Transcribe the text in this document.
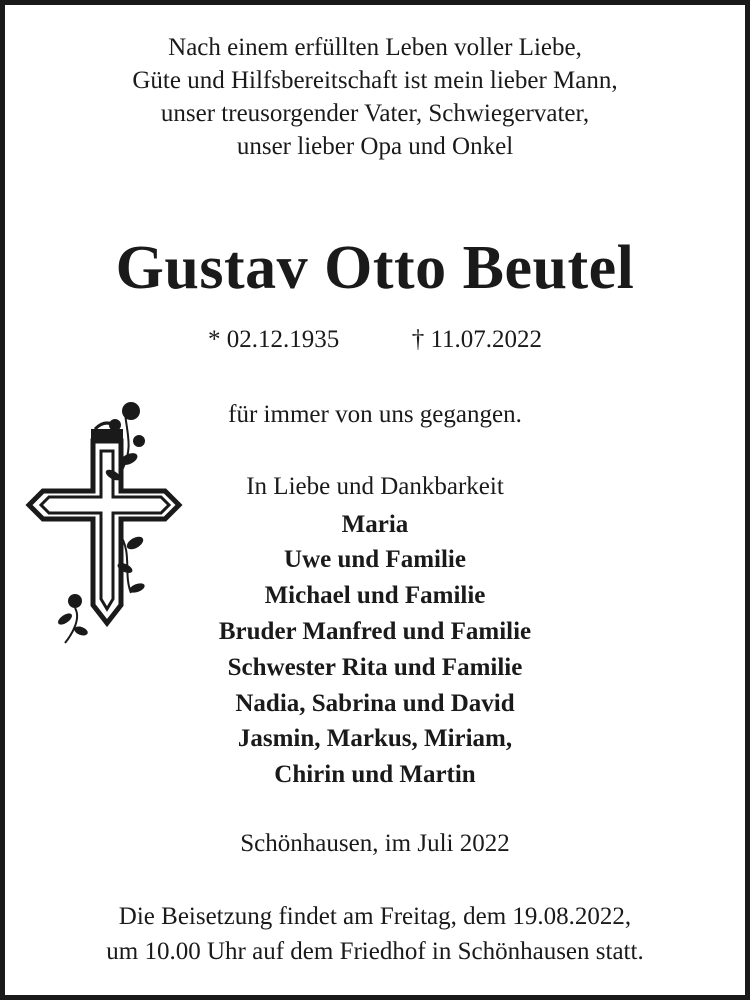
Nach einem erfüllten Leben voller Liebe,
Güte und Hilfsbereitschaft ist mein lieber Mann,
unser treusorgender Vater, Schwiegervater,
unser lieber Opa und Onkel
Gustav Otto Beutel
* 02.12.1935	† 11.07.2022
für immer von uns gegangen.
In Liebe und Dankbarkeit
Maria
Uwe und Familie
Michael und Familie
Bruder Manfred und Familie
Schwester Rita und Familie
Nadia, Sabrina und David
Jasmin, Markus, Miriam,
Chirin und Martin
Schönhausen, im Juli 2022
Die Beisetzung findet am Freitag, dem 19.08.2022,
um 10.00 Uhr auf dem Friedhof in Schönhausen statt.
